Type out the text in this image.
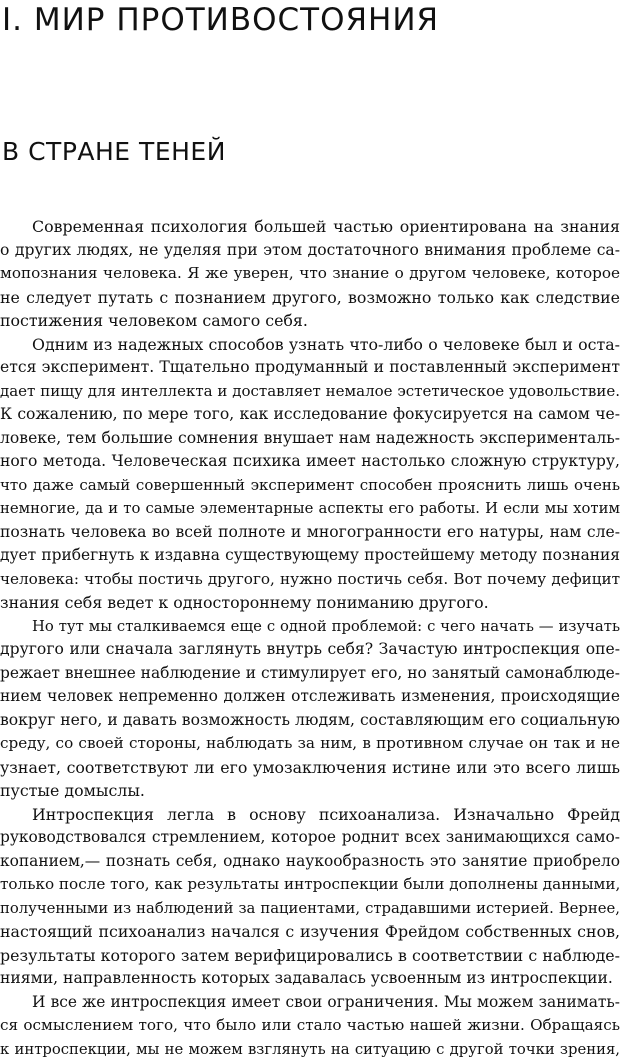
I. МИР ПРОТИВОСТОЯНИЯ
В СТРАНЕ ТЕНЕЙ

Современная психология большей частью ориентирована на знания
о других людях, не уделяя при этом достаточного внимания проблеме са-
мопознания человека. Я же уверен, что знание о другом человеке, которое
не следует путать с познанием другого, возможно только как следствие
постижения человеком самого себя.

Одним из надежных способов узнать что-либо о человеке был и оста-
ется эксперимент. Тщательно продуманный и поставленный эксперимент
дает пищу для интеллекта и доставляет немалое эстетическое удовольствие.
К сожалению, по мере того, как исследование фокусируется на самом че-
ловеке, тем большие сомнения внушает нам надежность эксперименталь-
ного метода. Человеческая психика имеет настолько сложную структуру,
что даже самый совершенный эксперимент способен прояснить лишь очень
немногие, да и то самые элементарные аспекты его работы. И если мы хотим
познать человека во всей полноте и многогранности его натуры, нам сле-
дует прибегнуть к издавна существующему простейшему методу познания
человека: чтобы постичь другого, нужно постичь себя. Вот почему дефицит
знания себя ведет к одностороннему пониманию другого.

Но тут мы сталкиваемся еще с одной проблемой: с чего начать — изучать
другого или сначала заглянуть внутрь себя? Зачастую интроспекция опе-
режает внешнее наблюдение и стимулирует его, но занятый самонаблюде-
нием человек непременно должен отслеживать изменения, происходящие
вокруг него, и давать возможность людям, составляющим его социальную
среду, со своей стороны, наблюдать за ним, в противном случае он так и не
узнает, соответствуют ли его умозаключения истине или это всего лишь
пустые домыслы.

Интроспекция легла в основу психоанализа. Изначально Фрейд
руководствовался стремлением, которое роднит всех занимающихся само-
копанием,— познать себя, однако наукообразность это занятие приобрело
только после того, как результаты интроспекции были дополнены данными,
полученными из наблюдений за пациентами, страдавшими истерией. Вернее,
настоящий психоанализ начался с изучения Фрейдом собственных снов,
результаты которого затем верифицировались в соответствии с наблюде-
ниями, направленность которых задавалась усвоенным из интроспекции.

И все же интроспекция имеет свои ограничения. Мы можем занимать-
ся осмыслением того, что было или стало частью нашей жизни. Обращаясь
к интроспекции, мы не можем взглянуть на ситуацию с другой точки зрения,
